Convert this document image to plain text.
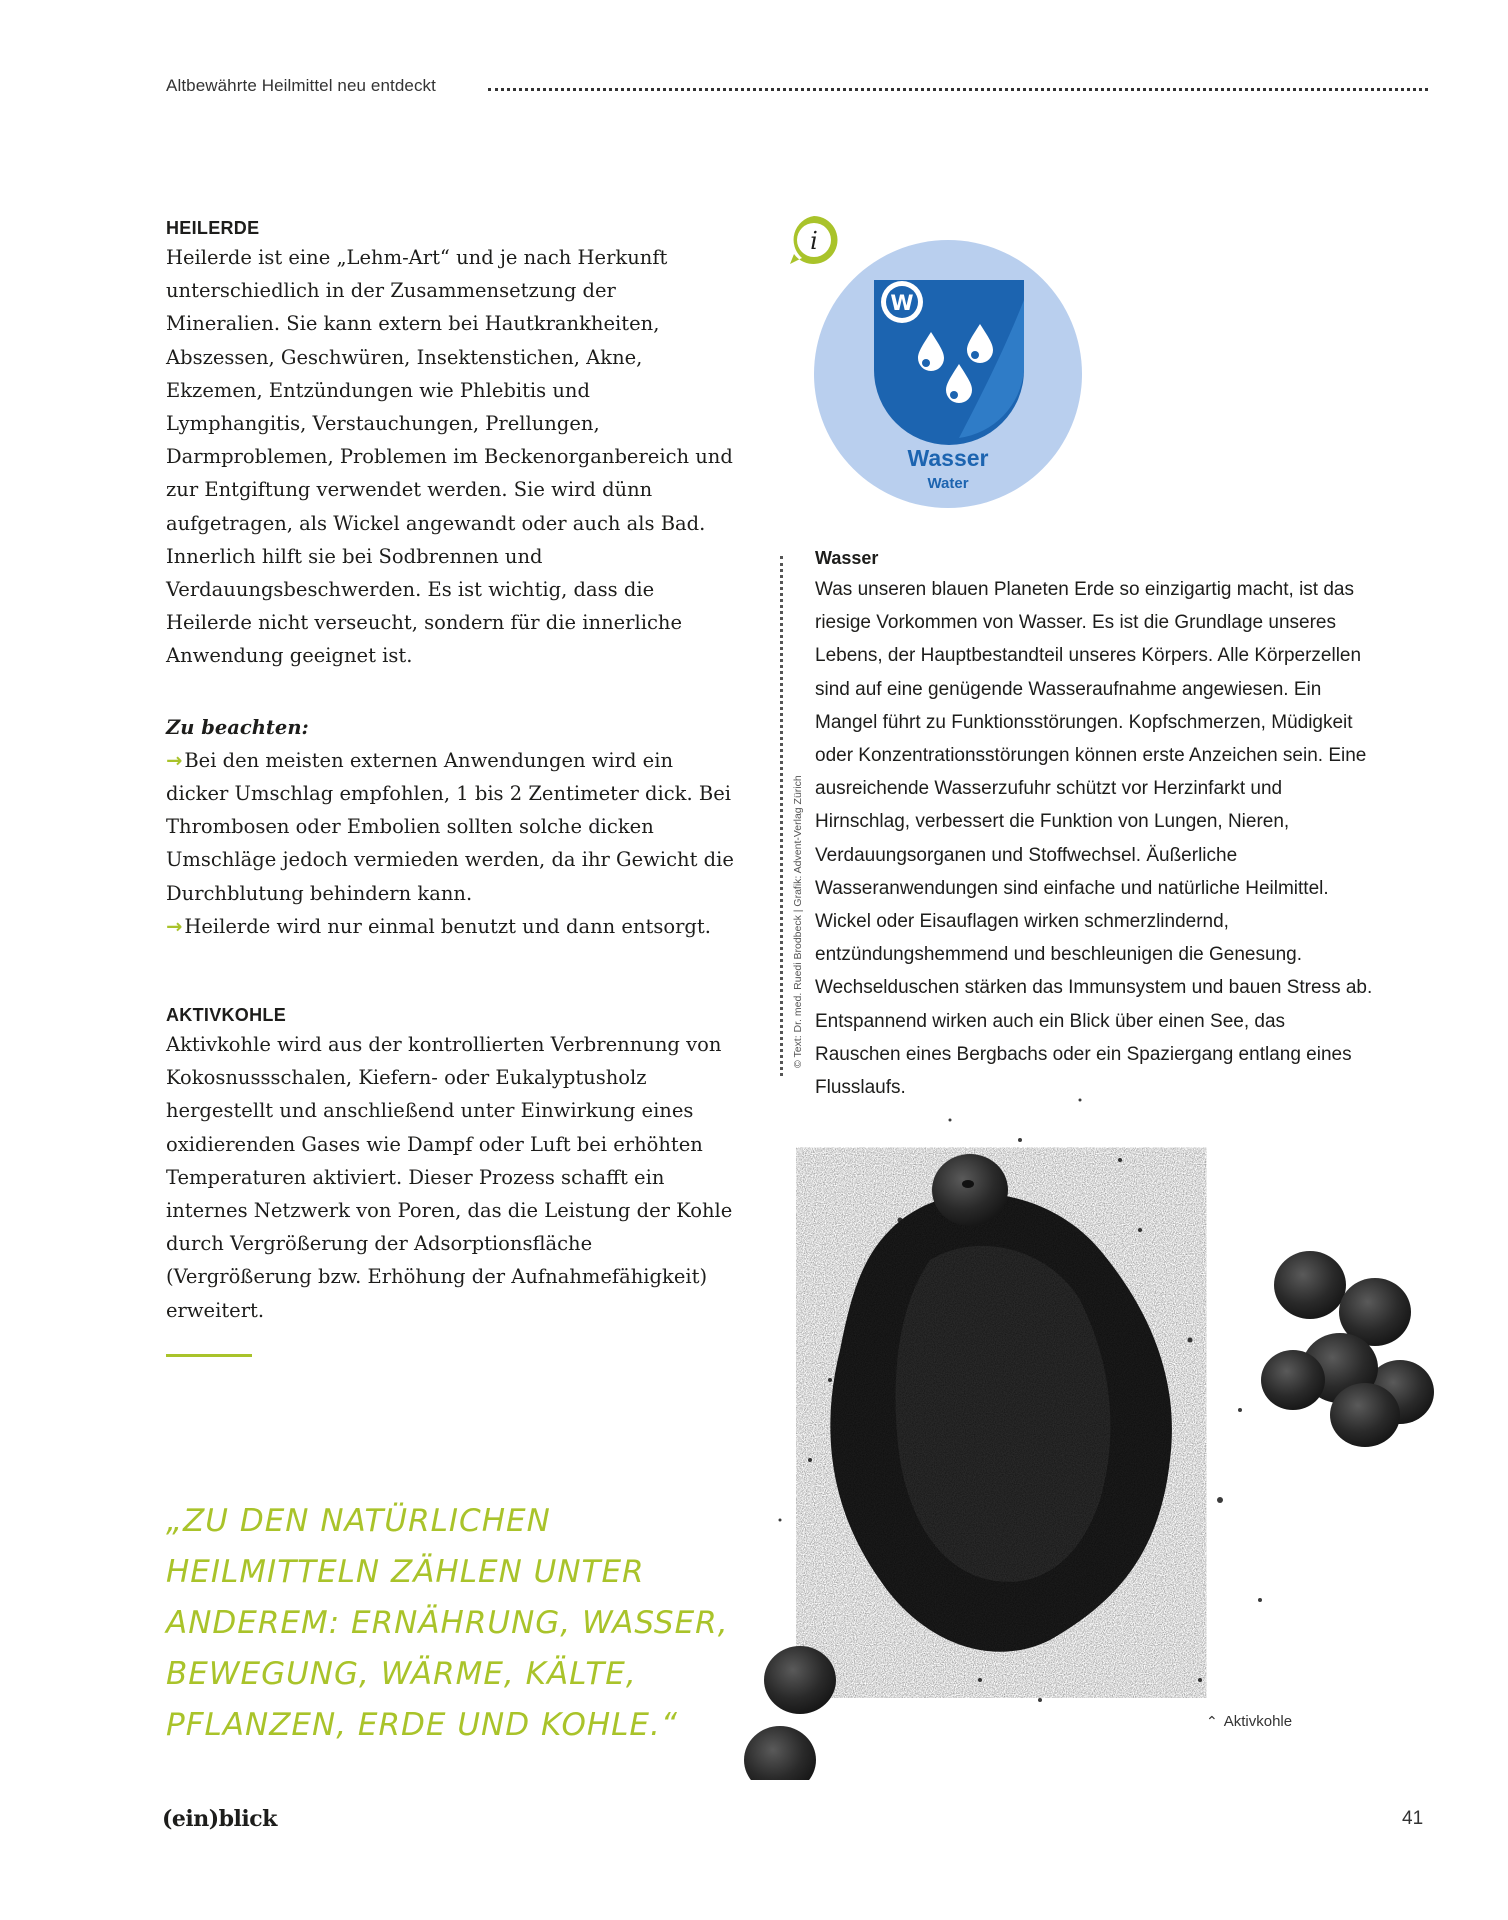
Altbewährte Heilmittel neu entdeckt
HEILERDE

Heilerde ist eine „Lehm-Art“ und je nach Herkunft unterschiedlich in der Zusammensetzung der Mineralien. Sie kann extern bei Hautkrankheiten, Abszessen, Geschwüren, Insektenstichen, Akne, Ekzemen, Entzündungen wie Phlebitis und Lymphangitis, Verstauchungen, Prellungen, Darmproblemen, Problemen im Beckenorganbereich und zur Entgiftung verwendet werden. Sie wird dünn aufgetragen, als Wickel angewandt oder auch als Bad. Innerlich hilft sie bei Sodbrennen und Verdauungsbeschwerden. Es ist wichtig, dass die Heilerde nicht verseucht, sondern für die innerliche Anwendung geeignet ist.

Zu beachten:

→ Bei den meisten externen Anwendungen wird ein dicker Umschlag empfohlen, 1 bis 2 Zentimeter dick. Bei Thrombosen oder Embolien sollten solche dicken Umschläge jedoch vermieden werden, da ihr Gewicht die Durchblutung behindern kann.

→ Heilerde wird nur einmal benutzt und dann entsorgt.

AKTIVKOHLE

Aktivkohle wird aus der kontrollierten Verbrennung von Kokosnussschalen, Kiefern- oder Eukalyptusholz hergestellt und anschließend unter Einwirkung eines oxidierenden Gases wie Dampf oder Luft bei erhöhten Temperaturen aktiviert. Dieser Prozess schafft ein internes Netzwerk von Poren, das die Leistung der Kohle durch Vergrößerung der Adsorptionsfläche (Vergrößerung bzw. Erhöhung der Aufnahmefähigkeit) erweitert.

„ZU DEN NATÜRLICHEN HEILMITTELN ZÄHLEN UNTER ANDEREM: ERNÄHRUNG, WASSER, BEWEGUNG, WÄRME, KÄLTE, PFLANZEN, ERDE UND KOHLE.“
i
W
Wasser
Water
© Text: Dr. med. Ruedi Brodbeck | Grafik: Advent-Verlag Zürich
Wasser

Was unseren blauen Planeten Erde so einzigartig macht, ist das riesige Vorkommen von Wasser. Es ist die Grundlage unseres Lebens, der Hauptbestandteil unseres Körpers. Alle Körperzellen sind auf eine genügende Wasseraufnahme angewiesen. Ein Mangel führt zu Funktionsstörungen. Kopfschmerzen, Müdigkeit oder Konzentrationsstörungen können erste Anzeichen sein. Eine ausreichende Wasserzufuhr schützt vor Herzinfarkt und Hirnschlag, verbessert die Funktion von Lungen, Nieren, Verdauungsorganen und Stoffwechsel. Äußerliche Wasseranwendungen sind einfache und natürliche Heilmittel. Wickel oder Eisauflagen wirken schmerzlindernd, entzündungshemmend und beschleunigen die Genesung. Wechselduschen stärken das Immunsystem und bauen Stress ab. Entspannend wirken auch ein Blick über einen See, das Rauschen eines Bergbachs oder ein Spaziergang entlang eines Flusslaufs.

⌃ Aktivkohle
(ein)blick	41
